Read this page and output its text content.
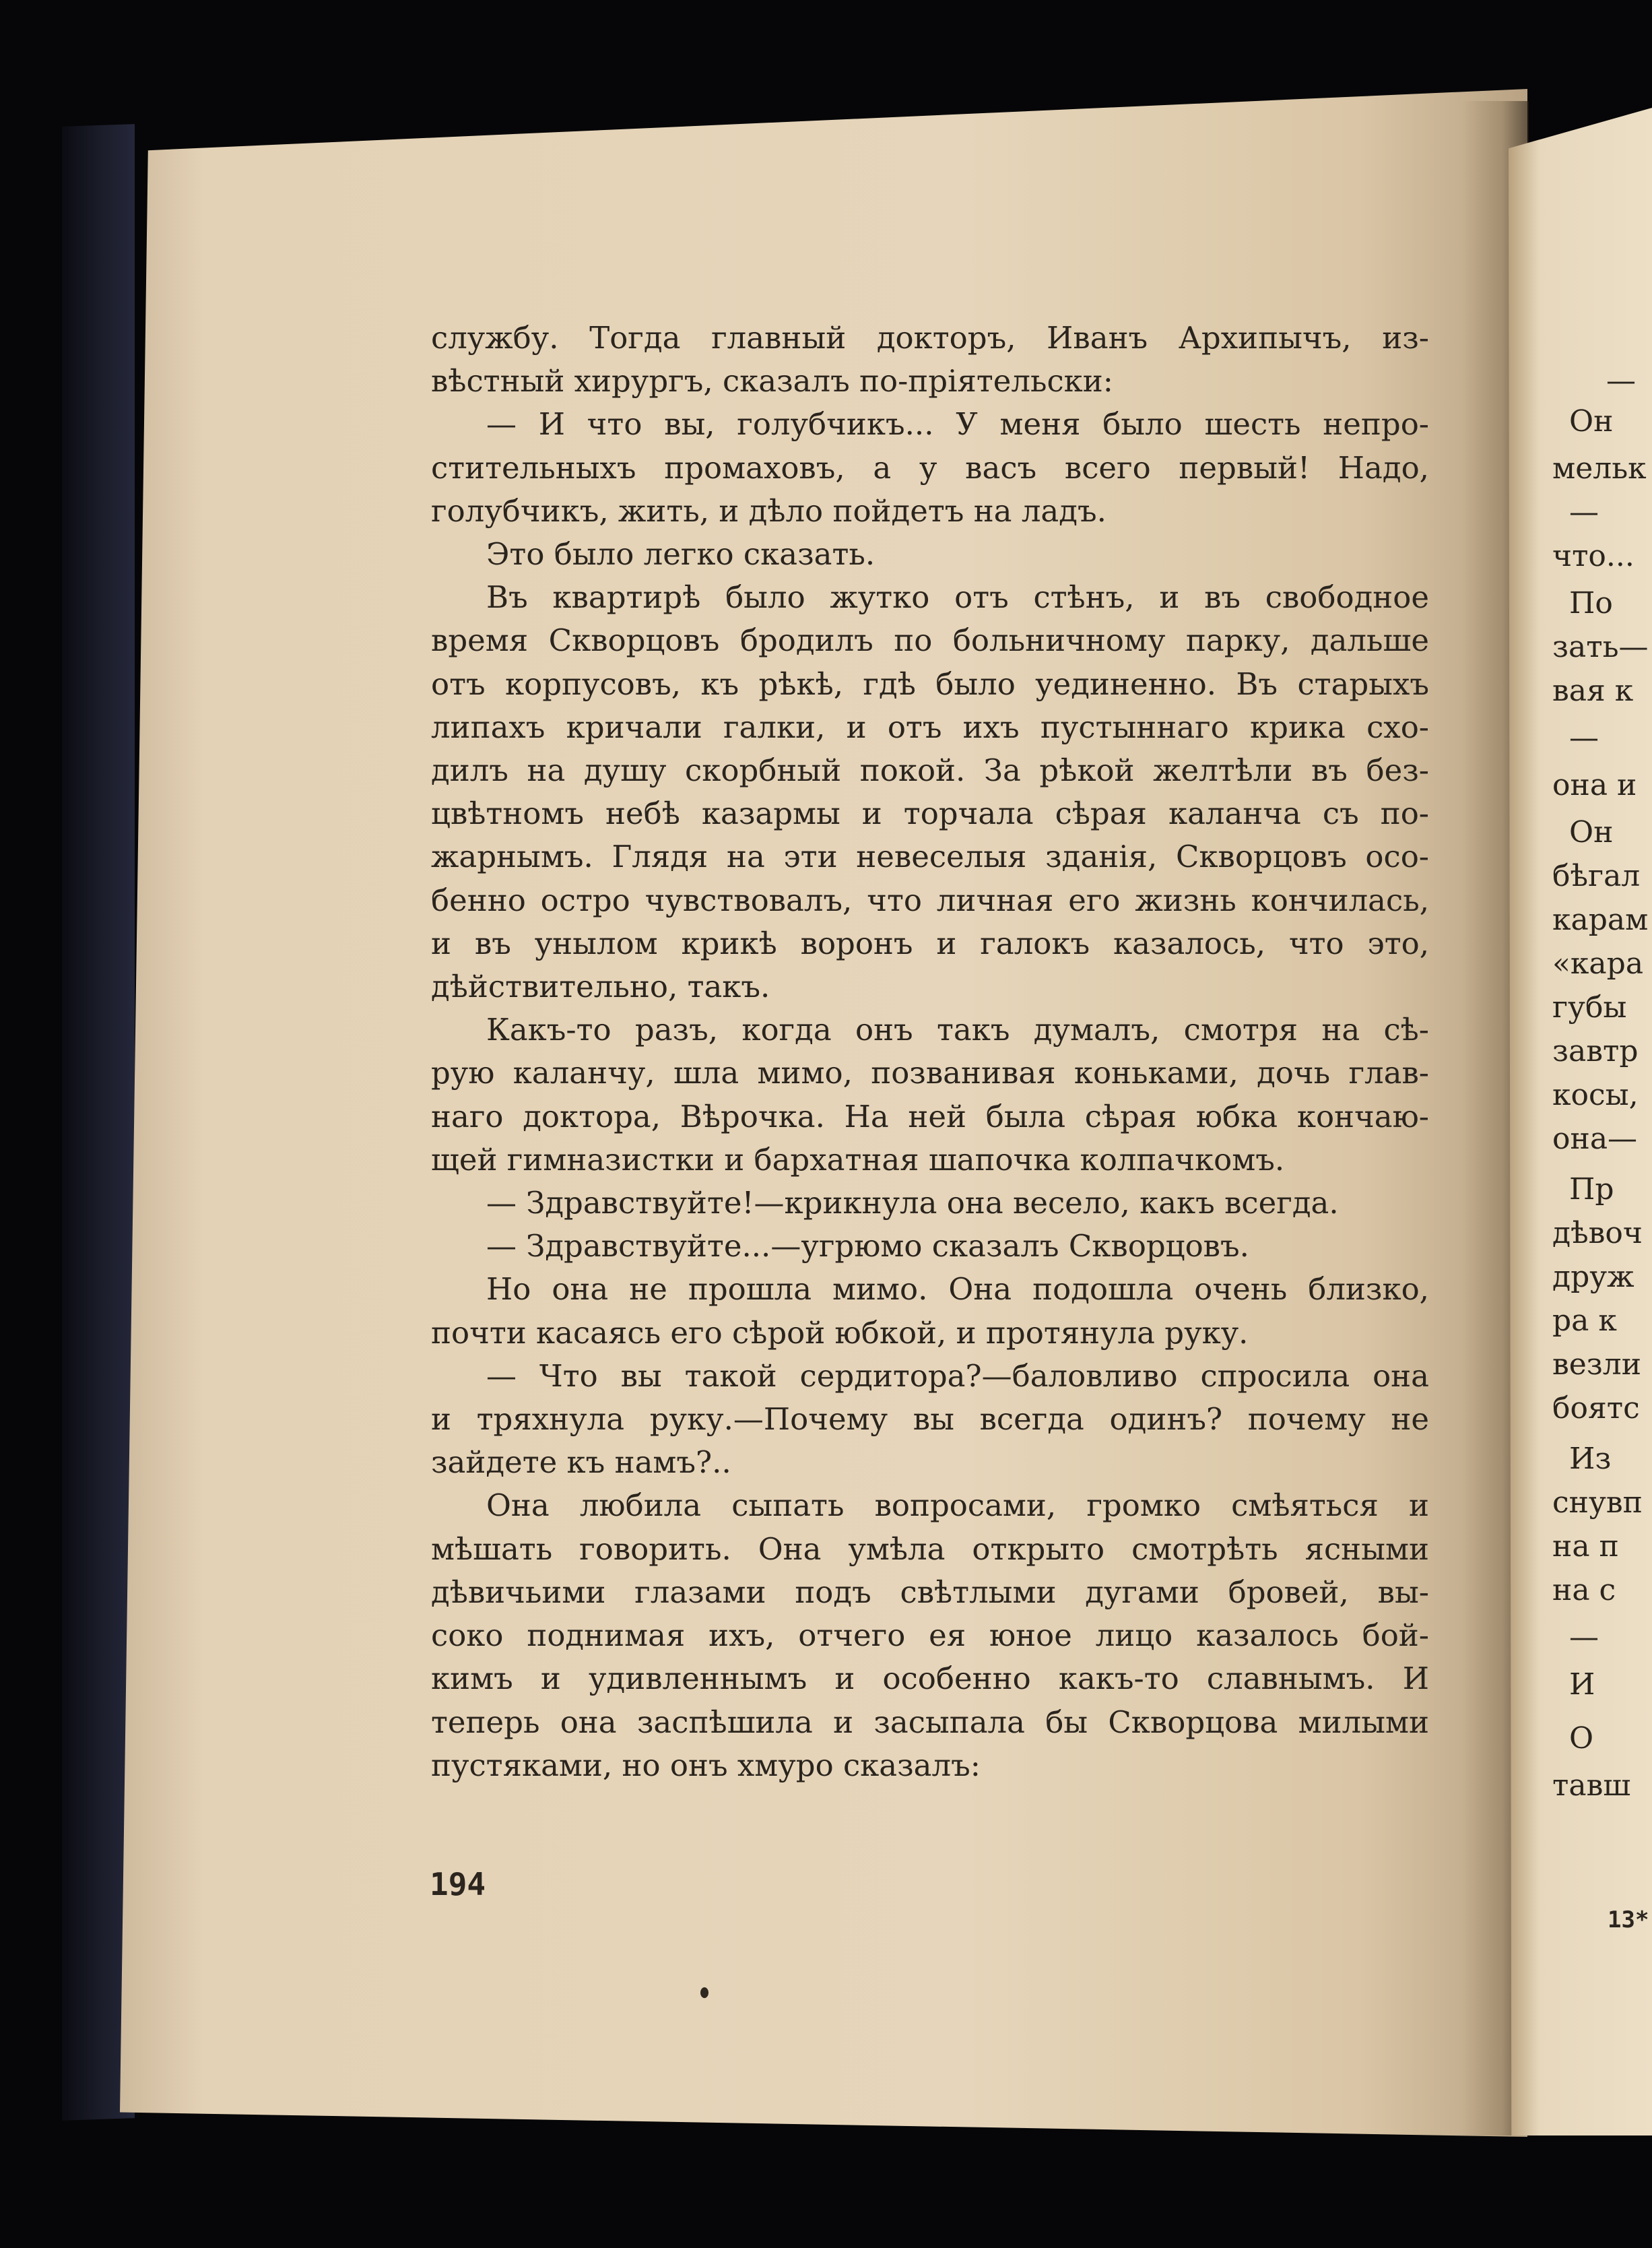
службу. Тогда главный докторъ, Иванъ Архипычъ, из-
вѣстный хирургъ, сказалъ по-пріятельски:
— И что вы, голубчикъ... У меня было шесть непро-
стительныхъ промаховъ, а у васъ всего первый! Надо,
голубчикъ, жить, и дѣло пойдетъ на ладъ.
Это было легко сказать.
Въ квартирѣ было жутко отъ стѣнъ, и въ свободное
время Скворцовъ бродилъ по больничному парку, дальше
отъ корпусовъ, къ рѣкѣ, гдѣ было уединенно. Въ старыхъ
липахъ кричали галки, и отъ ихъ пустыннаго крика схо-
дилъ на душу скорбный покой. За рѣкой желтѣли въ без-
цвѣтномъ небѣ казармы и торчала сѣрая каланча съ по-
жарнымъ. Глядя на эти невеселыя зданія, Скворцовъ осо-
бенно остро чувствовалъ, что личная его жизнь кончилась,
и въ унылом крикѣ воронъ и галокъ казалось, что это,
дѣйствительно, такъ.
Какъ-то разъ, когда онъ такъ думалъ, смотря на сѣ-
рую каланчу, шла мимо, позванивая коньками, дочь глав-
наго доктора, Вѣрочка. На ней была сѣрая юбка кончаю-
щей гимназистки и бархатная шапочка колпачкомъ.
— Здравствуйте!—крикнула она весело, какъ всегда.
— Здравствуйте...—угрюмо сказалъ Скворцовъ.
Но она не прошла мимо. Она подошла очень близко,
почти касаясь его сѣрой юбкой, и протянула руку.
— Что вы такой сердитора?—баловливо спросила она
и тряхнула руку.—Почему вы всегда одинъ? почему не
зайдете къ намъ?..
Она любила сыпать вопросами, громко смѣяться и
мѣшать говорить. Она умѣла открыто смотрѣть ясными
дѣвичьими глазами подъ свѣтлыми дугами бровей, вы-
соко поднимая ихъ, отчего ея юное лицо казалось бой-
кимъ и удивленнымъ и особенно какъ-то славнымъ. И
теперь она заспѣшила и засыпала бы Скворцова милыми
пустяками, но онъ хмуро сказалъ:
194
—
Он
мельк
—
что...
По
зать—
вая к
—
она и
Он
бѣгал
карам
«кара
губы
завтр
косы,
она—
Пр
дѣвоч
друж
ра к
везли
боятс
Из
снувп
на п
на с
—
И
О
тавш
13*
